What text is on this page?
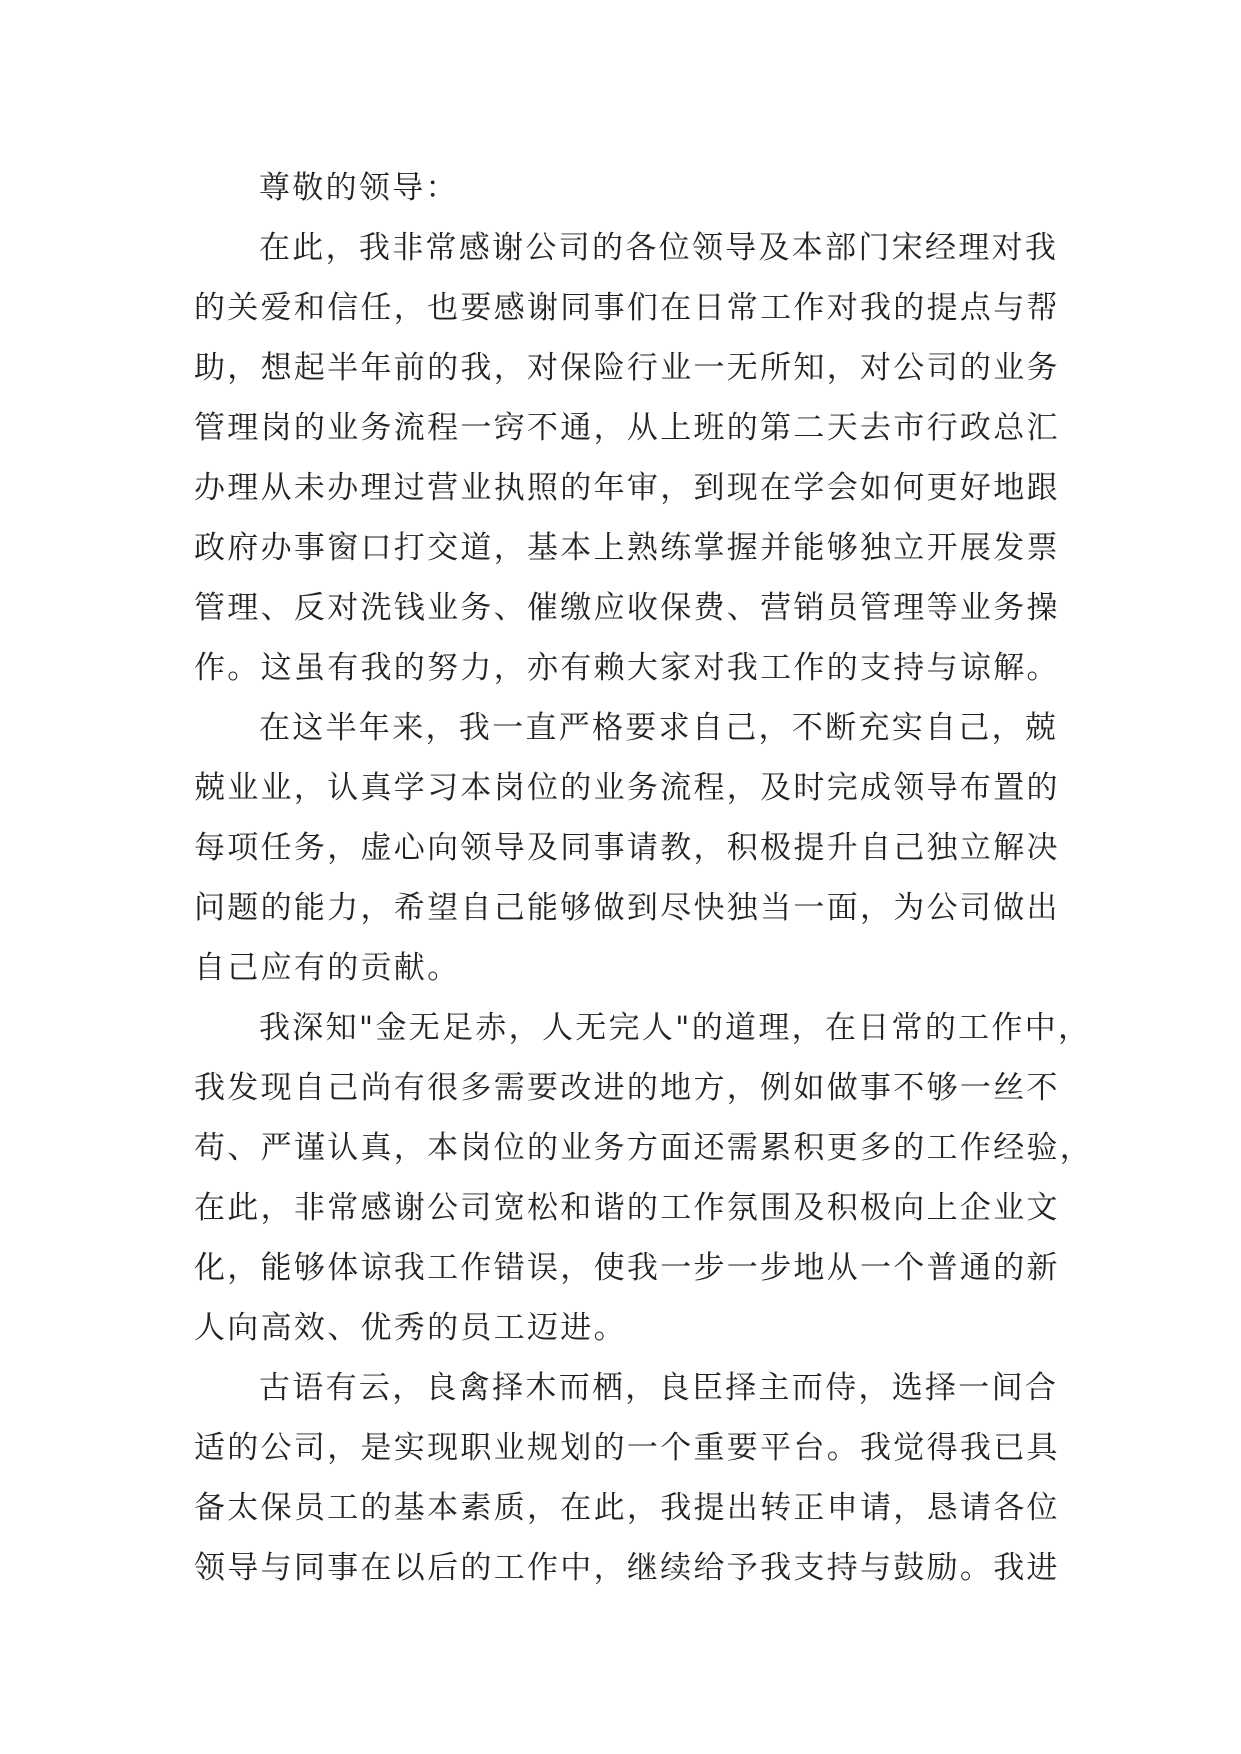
尊敬的领导：
在此，我非常感谢公司的各位领导及本部门宋经理对我
的关爱和信任，也要感谢同事们在日常工作对我的提点与帮
助，想起半年前的我，对保险行业一无所知，对公司的业务
管理岗的业务流程一窍不通，从上班的第二天去市行政总汇
办理从未办理过营业执照的年审，到现在学会如何更好地跟
政府办事窗口打交道，基本上熟练掌握并能够独立开展发票
管理、反对洗钱业务、催缴应收保费、营销员管理等业务操
作。这虽有我的努力，亦有赖大家对我工作的支持与谅解。
在这半年来，我一直严格要求自己，不断充实自己，兢
兢业业，认真学习本岗位的业务流程，及时完成领导布置的
每项任务，虚心向领导及同事请教，积极提升自己独立解决
问题的能力，希望自己能够做到尽快独当一面，为公司做出
自己应有的贡献。
我深知"金无足赤，人无完人"的道理，在日常的工作中，
我发现自己尚有很多需要改进的地方，例如做事不够一丝不
苟、严谨认真，本岗位的业务方面还需累积更多的工作经验，
在此，非常感谢公司宽松和谐的工作氛围及积极向上企业文
化，能够体谅我工作错误，使我一步一步地从一个普通的新
人向高效、优秀的员工迈进。
古语有云，良禽择木而栖，良臣择主而侍，选择一间合
适的公司，是实现职业规划的一个重要平台。我觉得我已具
备太保员工的基本素质，在此，我提出转正申请，恳请各位
领导与同事在以后的工作中，继续给予我支持与鼓励。我进
